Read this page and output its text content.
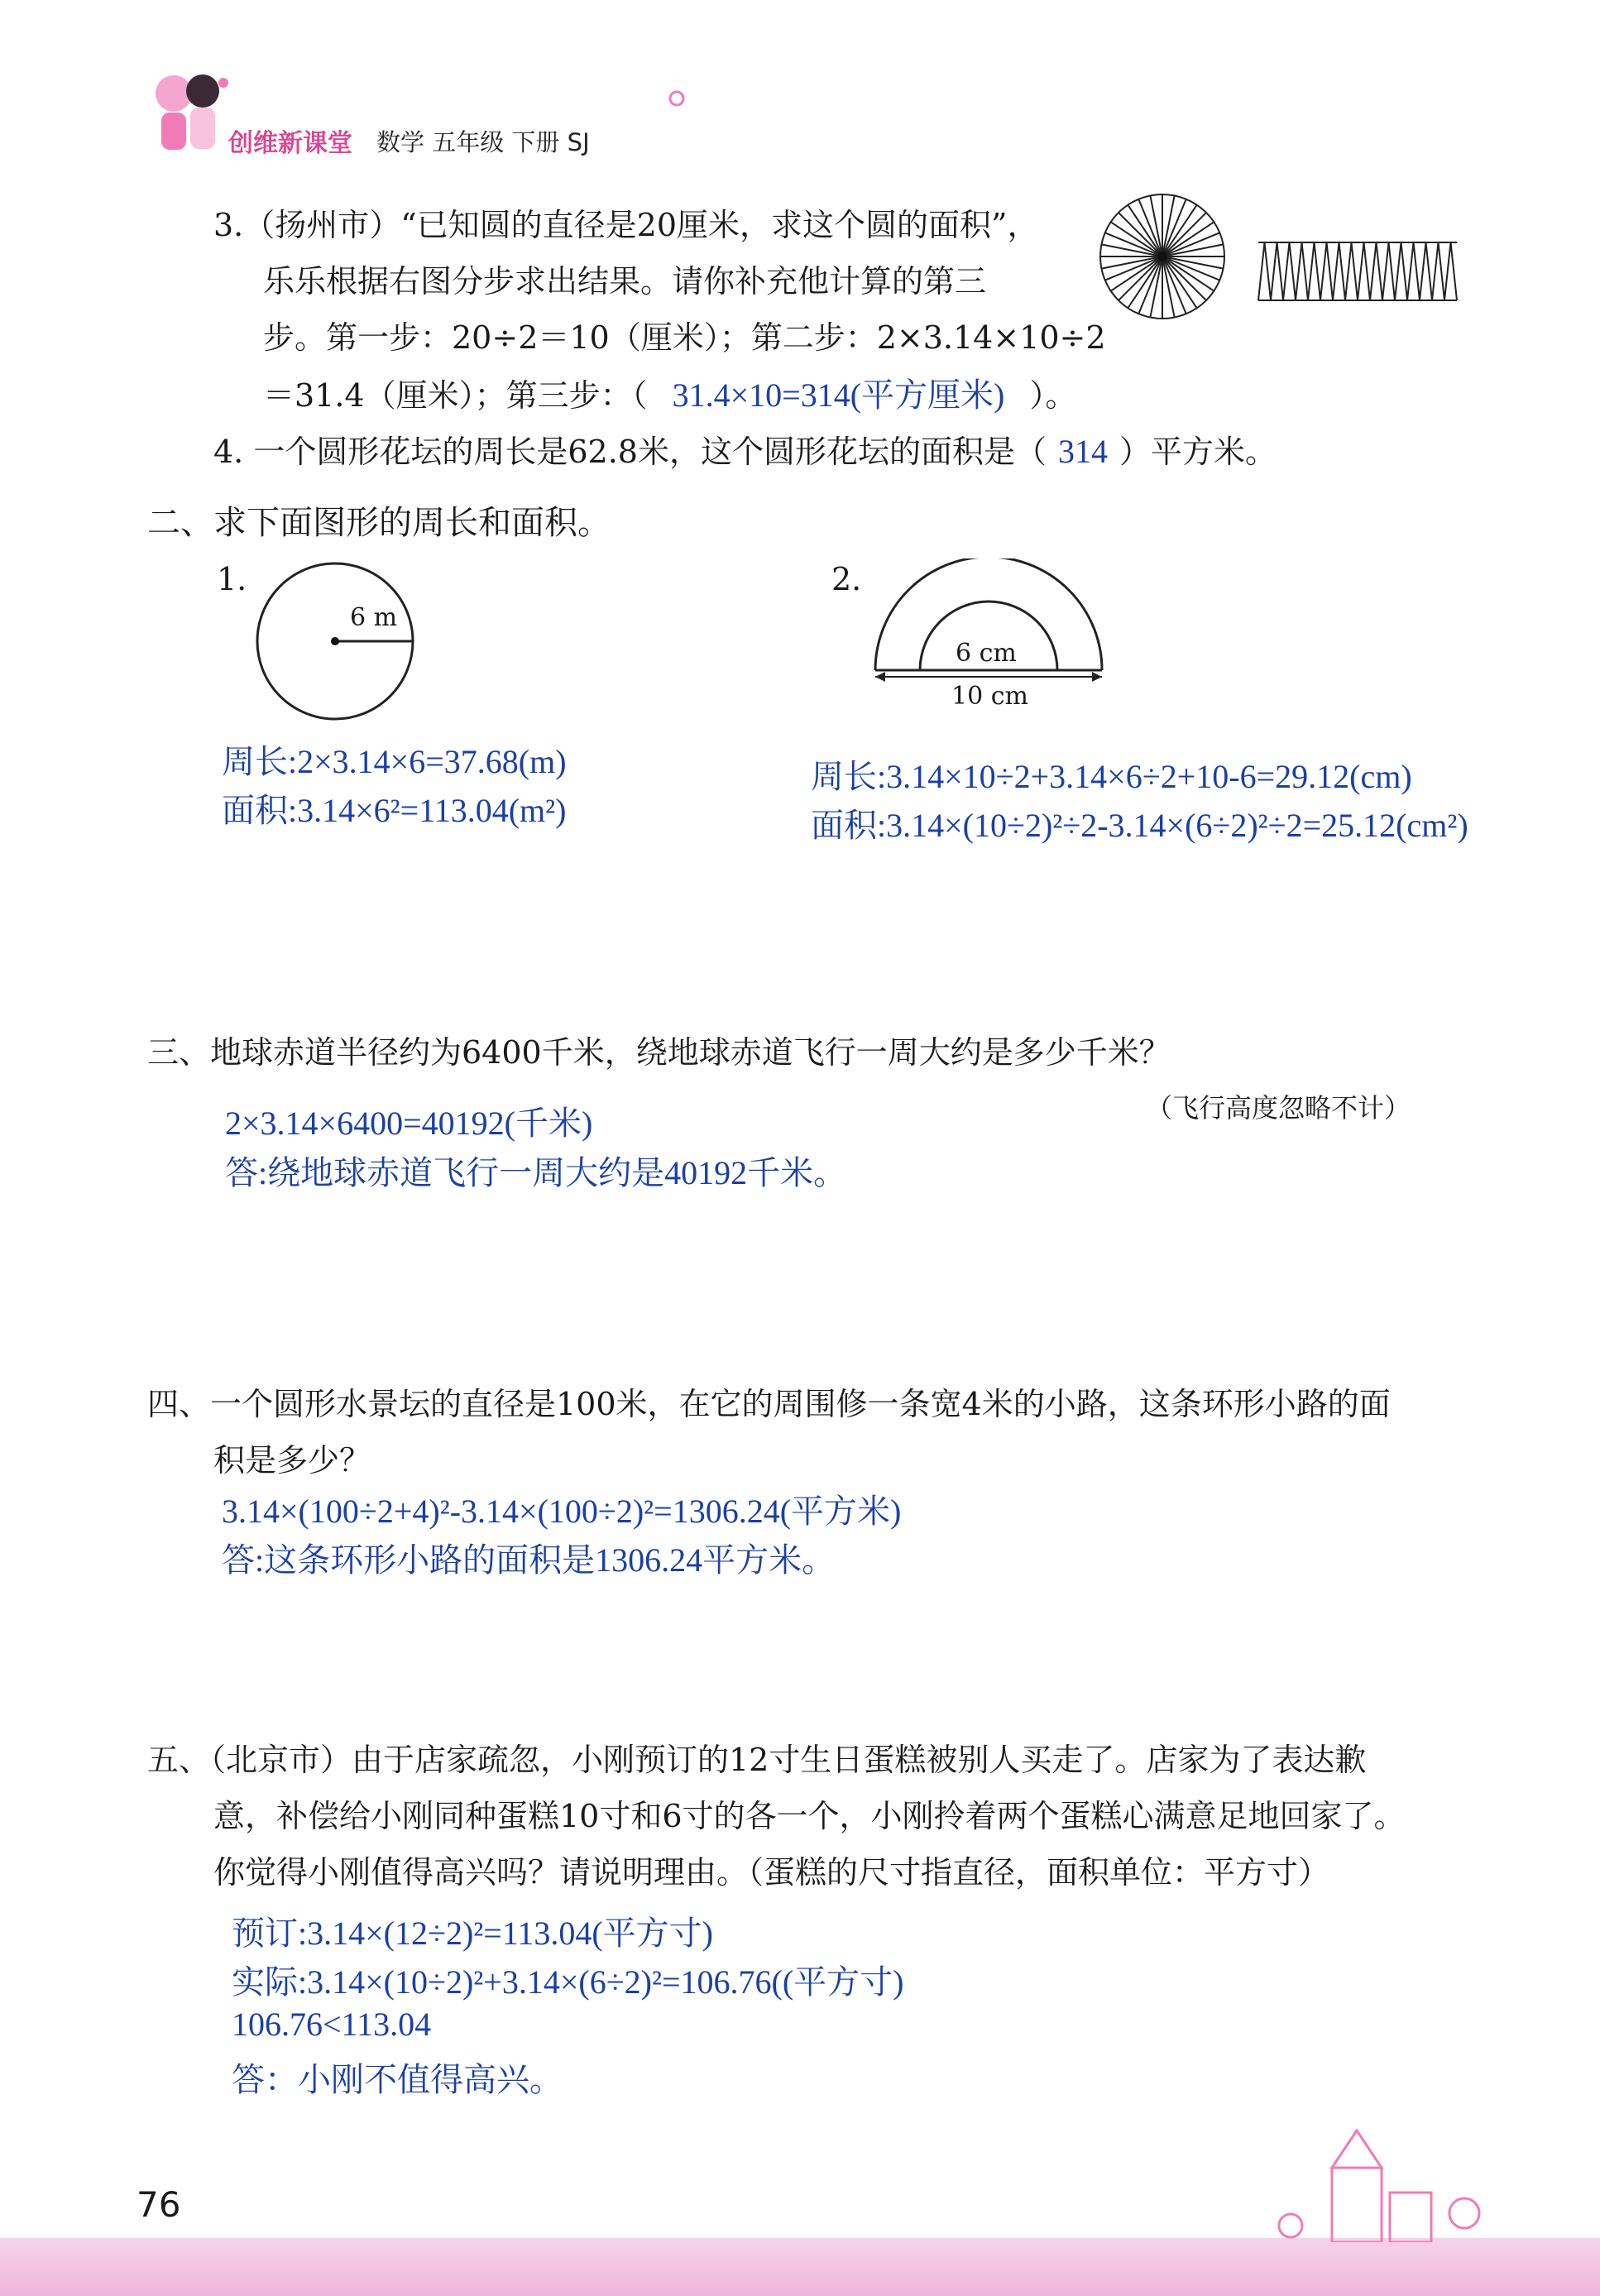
创维新课堂 数学 五年级 下册 SJ
3.（扬州市）“已知圆的直径是20厘米，求这个圆的面积”，
乐乐根据右图分步求出结果。请你补充他计算的第三
步。第一步：20÷2＝10（厘米）；第二步：2×3.14×10÷2
＝31.4（厘米）；第三步：（ 31.4×10=314(平方厘米) ）。
4. 一个圆形花坛的周长是62.8米，这个圆形花坛的面积是（ 314 ）平方米。
二、求下面图形的周长和面积。
1.
6 m
2.
6 cm
10 cm
周长:2×3.14×6=37.68(m)
面积:3.14×6²=113.04(m²)
周长:3.14×10÷2+3.14×6÷2+10-6=29.12(cm)
面积:3.14×(10÷2)²÷2-3.14×(6÷2)²÷2=25.12(cm²)
三、地球赤道半径约为6400千米，绕地球赤道飞行一周大约是多少千米？
（飞行高度忽略不计）
2×3.14×6400=40192(千米)
答:绕地球赤道飞行一周大约是40192千米。
四、一个圆形水景坛的直径是100米，在它的周围修一条宽4米的小路，这条环形小路的面
积是多少？
3.14×(100÷2+4)²-3.14×(100÷2)²=1306.24(平方米)
答:这条环形小路的面积是1306.24平方米。
五、（北京市）由于店家疏忽，小刚预订的12寸生日蛋糕被别人买走了。店家为了表达歉
意，补偿给小刚同种蛋糕10寸和6寸的各一个，小刚拎着两个蛋糕心满意足地回家了。
你觉得小刚值得高兴吗？请说明理由。（蛋糕的尺寸指直径，面积单位：平方寸）
预订:3.14×(12÷2)²=113.04(平方寸)
实际:3.14×(10÷2)²+3.14×(6÷2)²=106.76((平方寸)
106.76<113.04
答：小刚不值得高兴。
76
